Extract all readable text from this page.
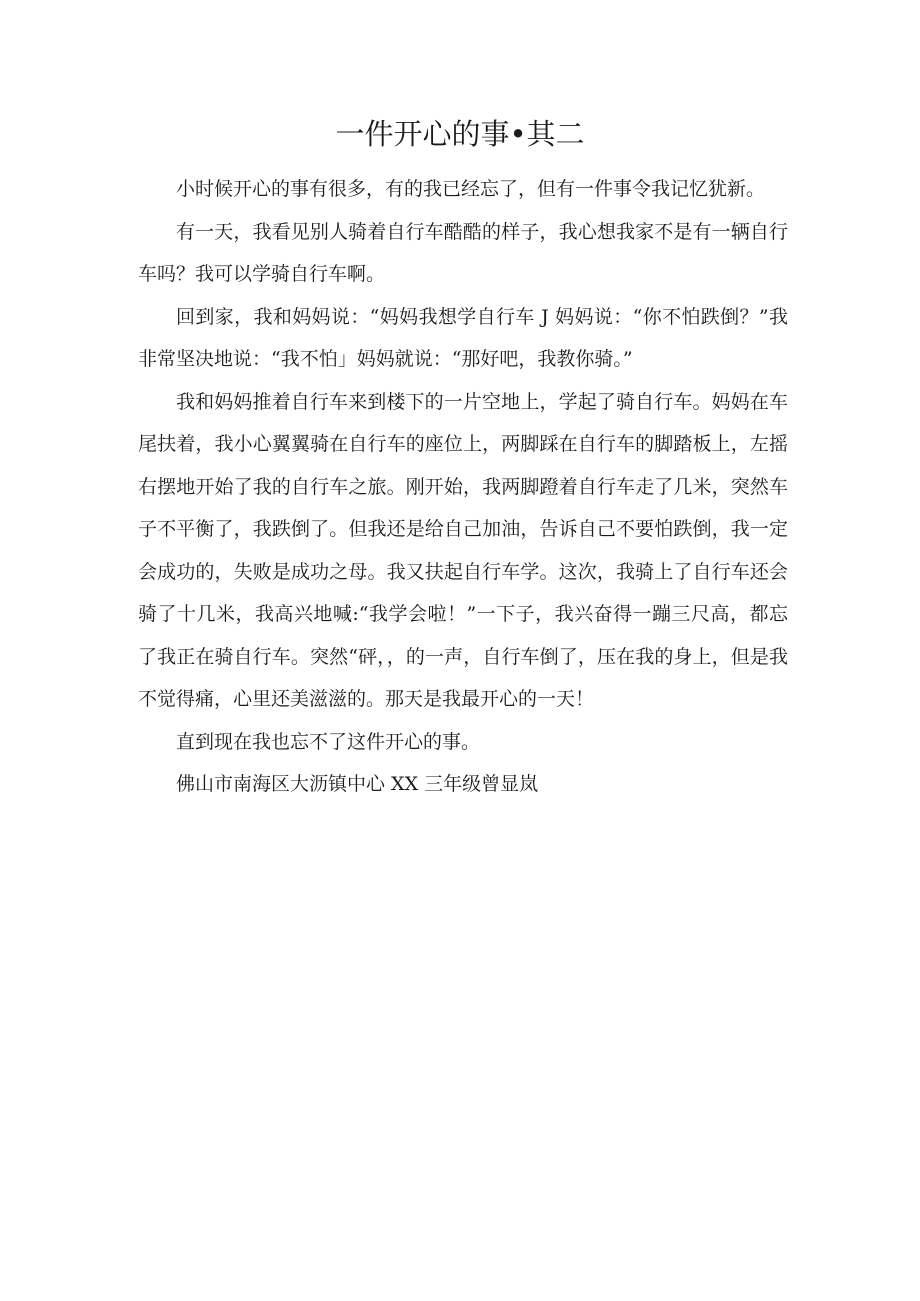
一件开心的事•其二

小时候开心的事有很多，有的我已经忘了，但有一件事令我记忆犹新。

有一天，我看见别人骑着自行车酷酷的样子，我心想我家不是有一辆自行车吗？我可以学骑自行车啊。

回到家，我和妈妈说：“妈妈我想学自行车 J 妈妈说：“你不怕跌倒？”我非常坚决地说：“我不怕」妈妈就说：“那好吧，我教你骑。”

我和妈妈推着自行车来到楼下的一片空地上，学起了骑自行车。妈妈在车尾扶着，我小心翼翼骑在自行车的座位上，两脚踩在自行车的脚踏板上，左摇右摆地开始了我的自行车之旅。刚开始，我两脚蹬着自行车走了几米，突然车子不平衡了，我跌倒了。但我还是给自己加油，告诉自己不要怕跌倒，我一定会成功的，失败是成功之母。我又扶起自行车学。这次，我骑上了自行车还会骑了十几米，我高兴地喊:“我学会啦！”一下子，我兴奋得一蹦三尺高，都忘了我正在骑自行车。突然“砰，，的一声，自行车倒了，压在我的身上，但是我不觉得痛，心里还美滋滋的。那天是我最开心的一天！

直到现在我也忘不了这件开心的事。

佛山市南海区大沥镇中心 XX 三年级曾显岚
